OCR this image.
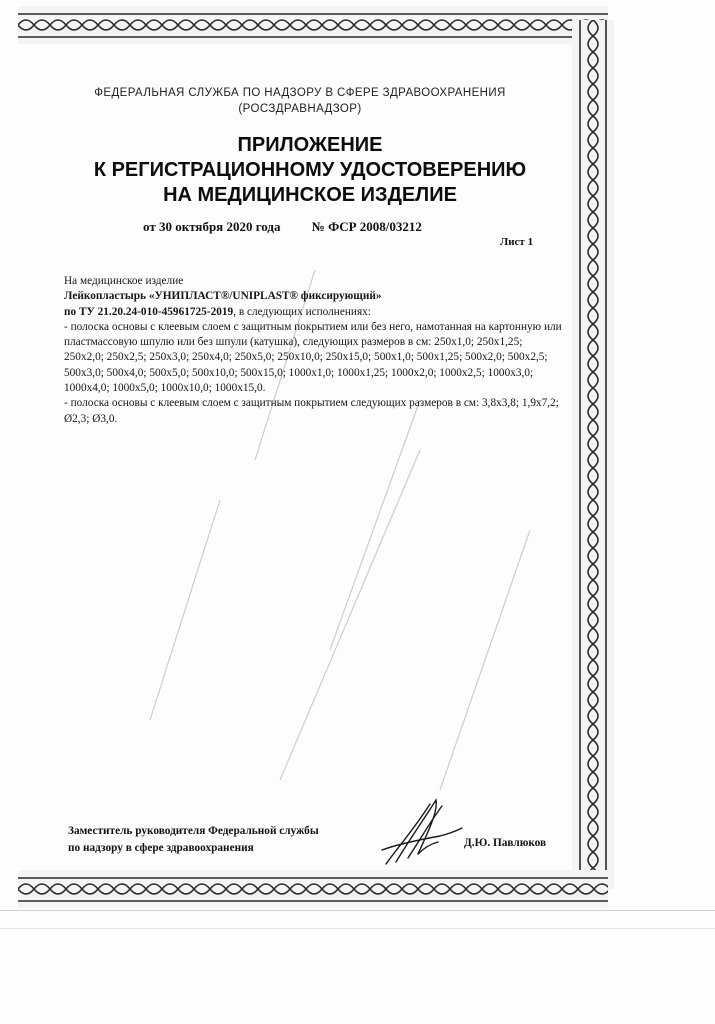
ФЕДЕРАЛЬНАЯ СЛУЖБА ПО НАДЗОРУ В СФЕРЕ ЗДРАВООХРАНЕНИЯ
(РОСЗДРАВНАДЗОР)
ПРИЛОЖЕНИЕ
К РЕГИСТРАЦИОННОМУ УДОСТОВЕРЕНИЮ
НА МЕДИЦИНСКОЕ ИЗДЕЛИЕ
от 30 октября 2020 года № ФСР 2008/03212
Лист 1

На медицинское изделие

Лейкопластырь «УНИПЛАСТ®/UNIPLAST® фиксирующий»

по ТУ 21.20.24-010-45961725-2019, в следующих исполнениях:

- полоска основы с клеевым слоем с защитным покрытием или без него, намотанная на картонную или пластмассовую шпулю или без шпули (катушка), следующих размеров в см: 250х1,0; 250х1,25; 250х2,0; 250х2,5; 250х3,0; 250х4,0; 250х5,0; 250х10,0; 250х15,0; 500х1,0; 500х1,25; 500х2,0; 500х2,5; 500х3,0; 500х4,0; 500х5,0; 500х10,0; 500х15,0; 1000х1,0; 1000х1,25; 1000х2,0; 1000х2,5; 1000х3,0; 1000х4,0; 1000х5,0; 1000х10,0; 1000х15,0.

- полоска основы с клеевым слоем с защитным покрытием следующих размеров в см: 3,8х3,8; 1,9х7,2; Ø2,3; Ø3,0.

Заместитель руководителя Федеральной службы
по надзору в сфере здравоохранения	Д.Ю. Павлюков
